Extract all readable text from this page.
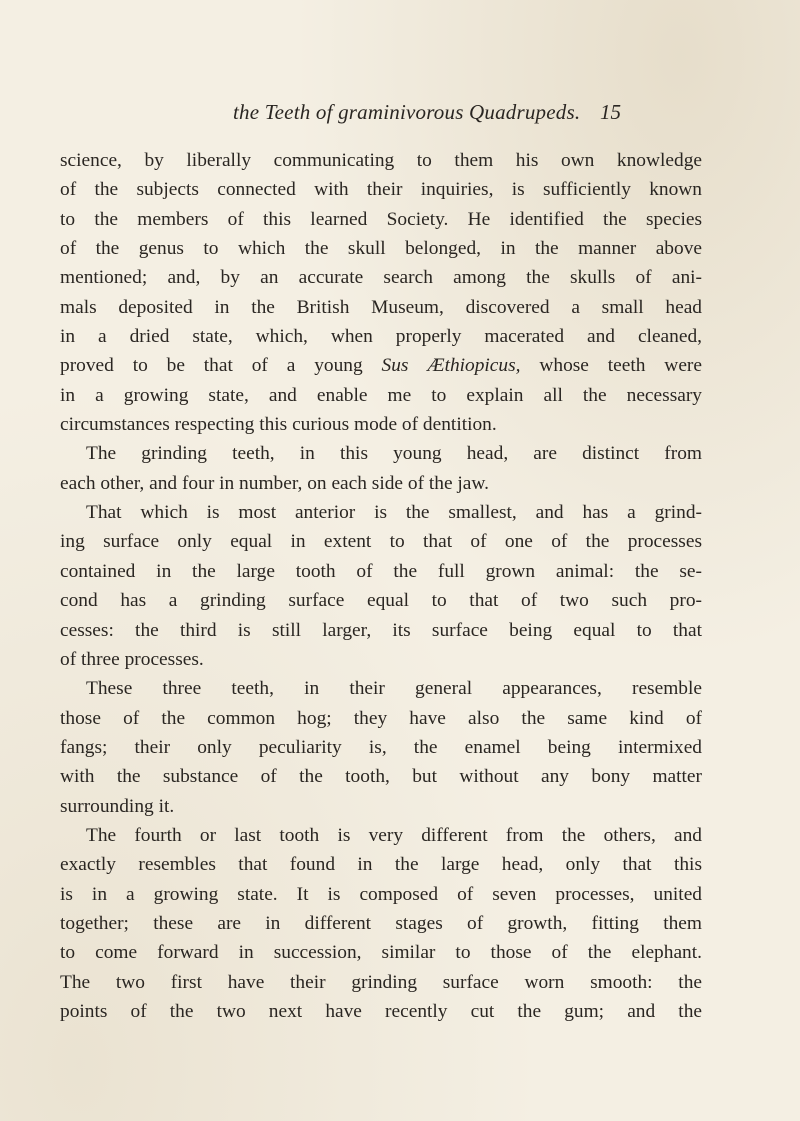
the Teeth of graminivorous Quadrupeds. 15
science, by liberally communicating to them his own knowledge
of the subjects connected with their inquiries, is sufficiently known
to the members of this learned Society. He identified the species
of the genus to which the skull belonged, in the manner above
mentioned; and, by an accurate search among the skulls of ani-
mals deposited in the British Museum, discovered a small head
in a dried state, which, when properly macerated and cleaned,
proved to be that of a young Sus Æthiopicus, whose teeth were
in a growing state, and enable me to explain all the necessary
circumstances respecting this curious mode of dentition.
The grinding teeth, in this young head, are distinct from
each other, and four in number, on each side of the jaw.
That which is most anterior is the smallest, and has a grind-
ing surface only equal in extent to that of one of the processes
contained in the large tooth of the full grown animal: the se-
cond has a grinding surface equal to that of two such pro-
cesses: the third is still larger, its surface being equal to that
of three processes.
These three teeth, in their general appearances, resemble
those of the common hog; they have also the same kind of
fangs; their only peculiarity is, the enamel being intermixed
with the substance of the tooth, but without any bony matter
surrounding it.
The fourth or last tooth is very different from the others, and
exactly resembles that found in the large head, only that this
is in a growing state. It is composed of seven processes, united
together; these are in different stages of growth, fitting them
to come forward in succession, similar to those of the elephant.
The two first have their grinding surface worn smooth: the
points of the two next have recently cut the gum; and the
